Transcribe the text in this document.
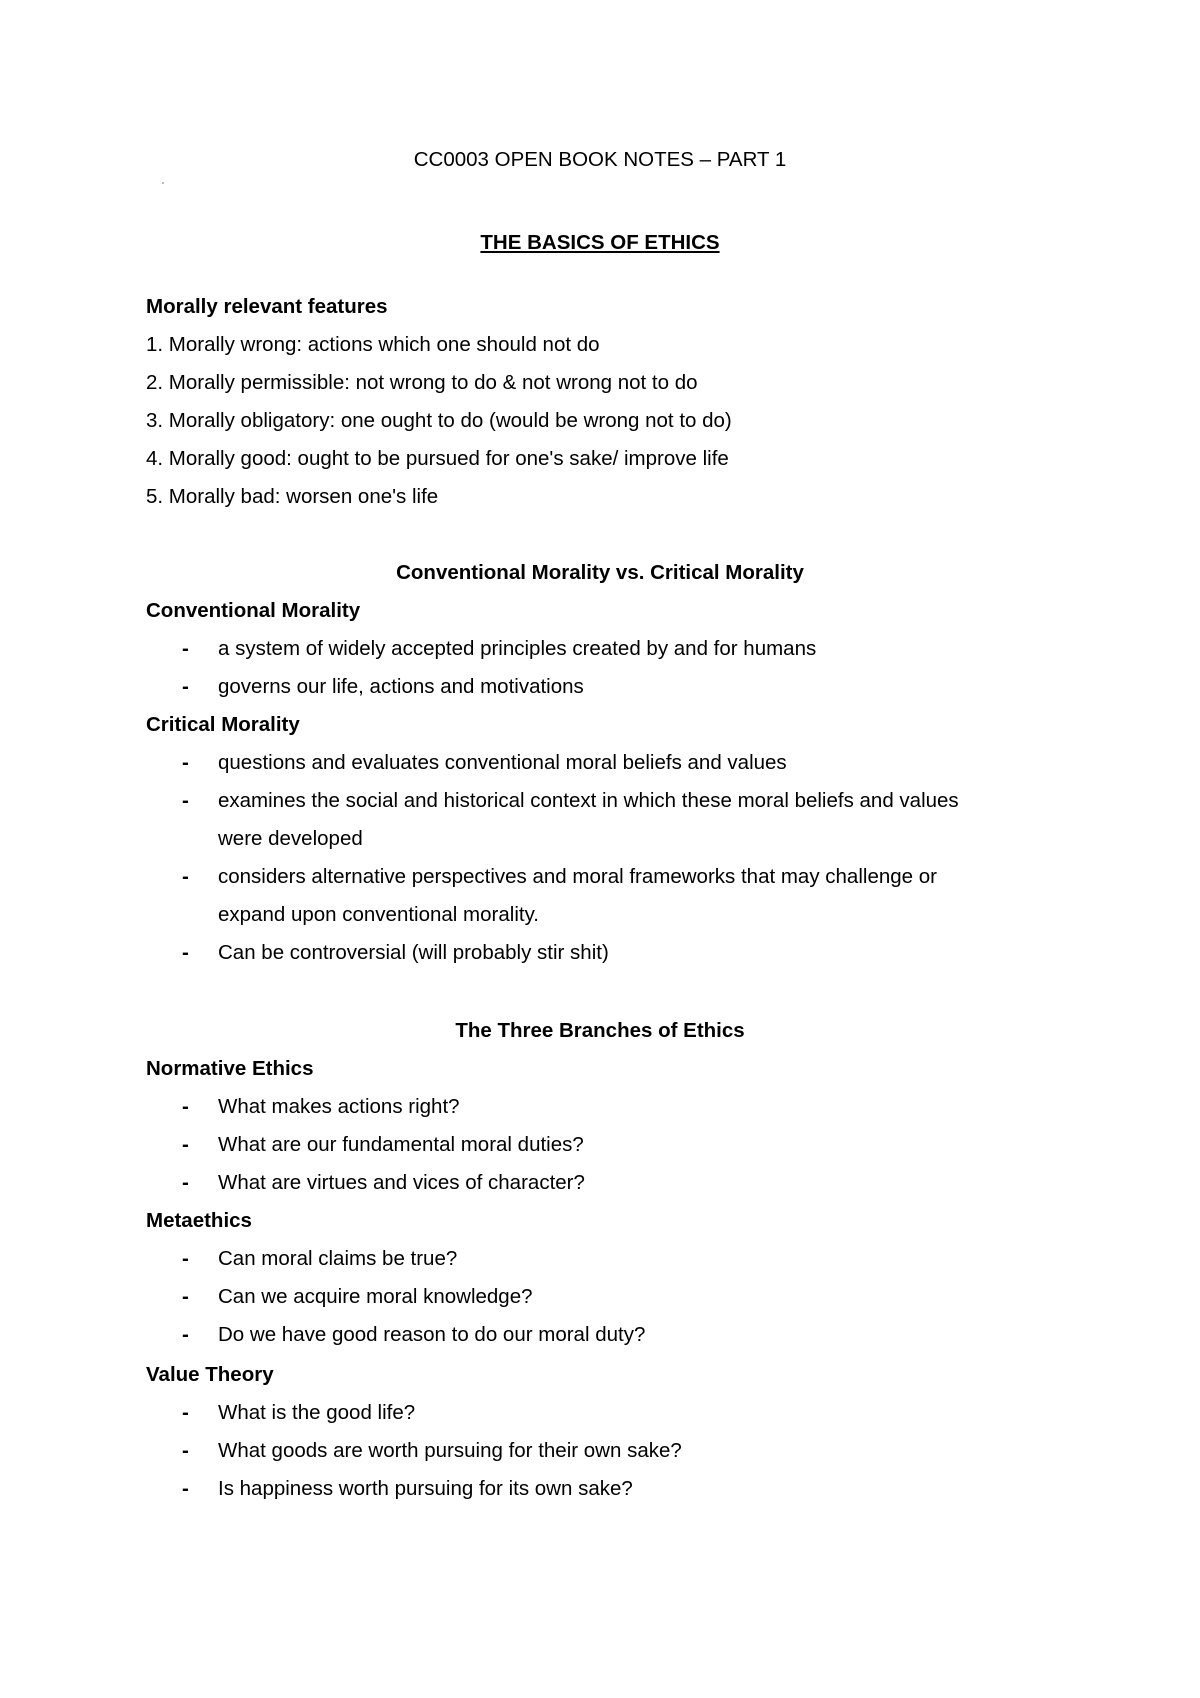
CC0003 OPEN BOOK NOTES – PART 1
THE BASICS OF ETHICS
Morally relevant features
1. Morally wrong: actions which one should not do
2. Morally permissible: not wrong to do & not wrong not to do
3. Morally obligatory: one ought to do (would be wrong not to do)
4. Morally good: ought to be pursued for one's sake/ improve life
5. Morally bad: worsen one's life
Conventional Morality vs. Critical Morality
Conventional Morality
- a system of widely accepted principles created by and for humans
- governs our life, actions and motivations
Critical Morality
- questions and evaluates conventional moral beliefs and values
- examines the social and historical context in which these moral beliefs and values
were developed
- considers alternative perspectives and moral frameworks that may challenge or
expand upon conventional morality.
- Can be controversial (will probably stir shit)
The Three Branches of Ethics
Normative Ethics
- What makes actions right?
- What are our fundamental moral duties?
- What are virtues and vices of character?
Metaethics
- Can moral claims be true?
- Can we acquire moral knowledge?
- Do we have good reason to do our moral duty?
Value Theory
- What is the good life?
- What goods are worth pursuing for their own sake?
- Is happiness worth pursuing for its own sake?
